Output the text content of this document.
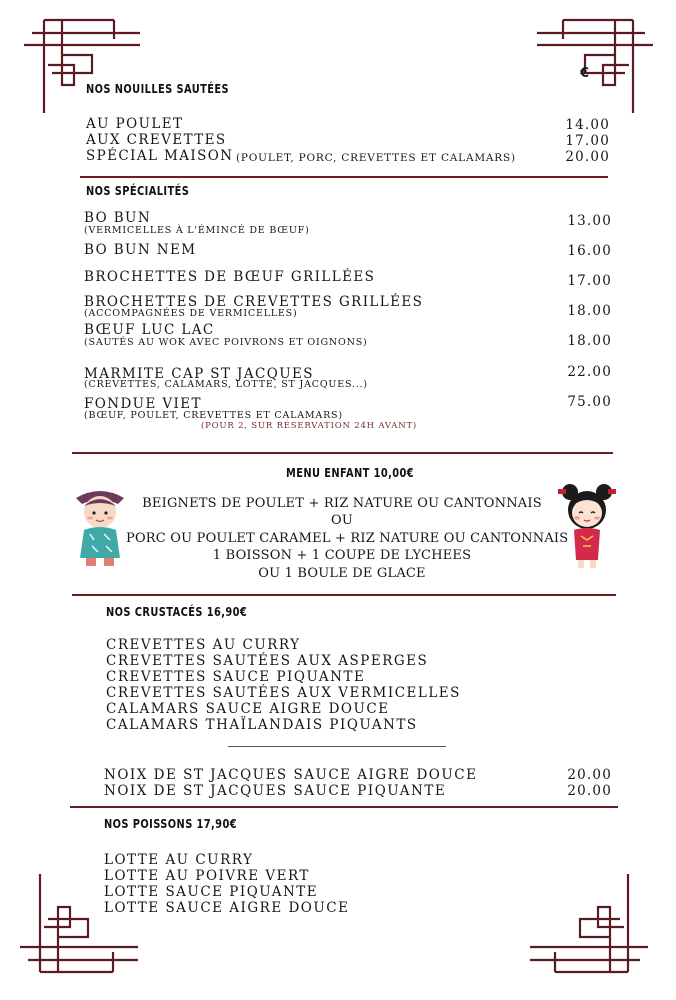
€
NOS NOUILLES SAUTÉES
AU POULET	14.00
AUX CREVETTES	17.00
SPÉCIAL MAISON (POULET, PORC, CREVETTES ET CALAMARS)	20.00
NOS SPÉCIALITÉS
BO BUN
(VERMICELLES À L'ÉMINCÉ DE BŒUF)
13.00
BO BUN NEM	16.00
BROCHETTES DE BŒUF GRILLÉES	17.00
BROCHETTES DE CREVETTES GRILLÉES
(ACCOMPAGNÉES DE VERMICELLES)	18.00
BŒUF LUC LAC
(SAUTÉS AU WOK AVEC POIVRONS ET OIGNONS)	18.00
MARMITE CAP ST JACQUES
(CREVETTES, CALAMARS, LOTTE, ST JACQUES...)
22.00
FONDUE VIET
(BŒUF, POULET, CREVETTES ET CALAMARS)
(POUR 2, SUR RÉSERVATION 24H AVANT)
75.00
MENU ENFANT 10,00€
BEIGNETS DE POULET + RIZ NATURE OU CANTONNAIS
OU
PORC OU POULET CARAMEL + RIZ NATURE OU CANTONNAIS
1 BOISSON + 1 COUPE DE LYCHEES
OU 1 BOULE DE GLACE
NOS CRUSTACÉS 16,90€
CREVETTES AU CURRY
CREVETTES SAUTÉES AUX ASPERGES
CREVETTES SAUCE PIQUANTE
CREVETTES SAUTÉES AUX VERMICELLES
CALAMARS SAUCE AIGRE DOUCE
CALAMARS THAÏLANDAIS PIQUANTS
NOIX DE ST JACQUES SAUCE AIGRE DOUCE	20.00
NOIX DE ST JACQUES SAUCE PIQUANTE	20.00
NOS POISSONS 17,90€
LOTTE AU CURRY
LOTTE AU POIVRE VERT
LOTTE SAUCE PIQUANTE
LOTTE SAUCE AIGRE DOUCE
